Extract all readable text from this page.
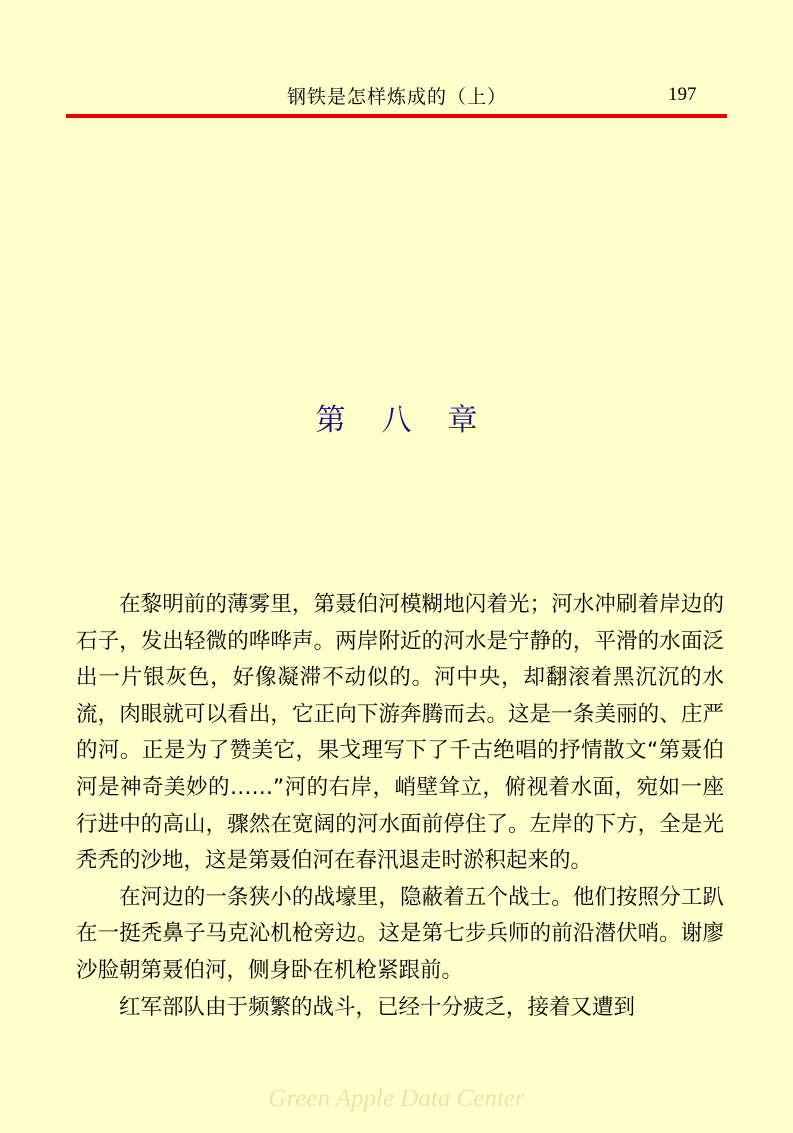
钢铁是怎样炼成的（上）	197
第八章

在黎明前的薄雾里，第聂伯河模糊地闪着光；河水冲刷着岸边的石子，发出轻微的哗哗声。两岸附近的河水是宁静的，平滑的水面泛出一片银灰色，好像凝滞不动似的。河中央，却翻滚着黑沉沉的水流，肉眼就可以看出，它正向下游奔腾而去。这是一条美丽的、庄严的河。正是为了赞美它，果戈理写下了千古绝唱的抒情散文“第聂伯河是神奇美妙的……”河的右岸，峭壁耸立，俯视着水面，宛如一座行进中的高山，骤然在宽阔的河水面前停住了。左岸的下方，全是光秃秃的沙地，这是第聂伯河在春汛退走时淤积起来的。

在河边的一条狭小的战壕里，隐蔽着五个战士。他们按照分工趴在一挺秃鼻子马克沁机枪旁边。这是第七步兵师的前沿潜伏哨。谢廖沙脸朝第聂伯河，侧身卧在机枪紧跟前。

红军部队由于频繁的战斗，已经十分疲乏，接着又遭到

Green Apple Data Center
